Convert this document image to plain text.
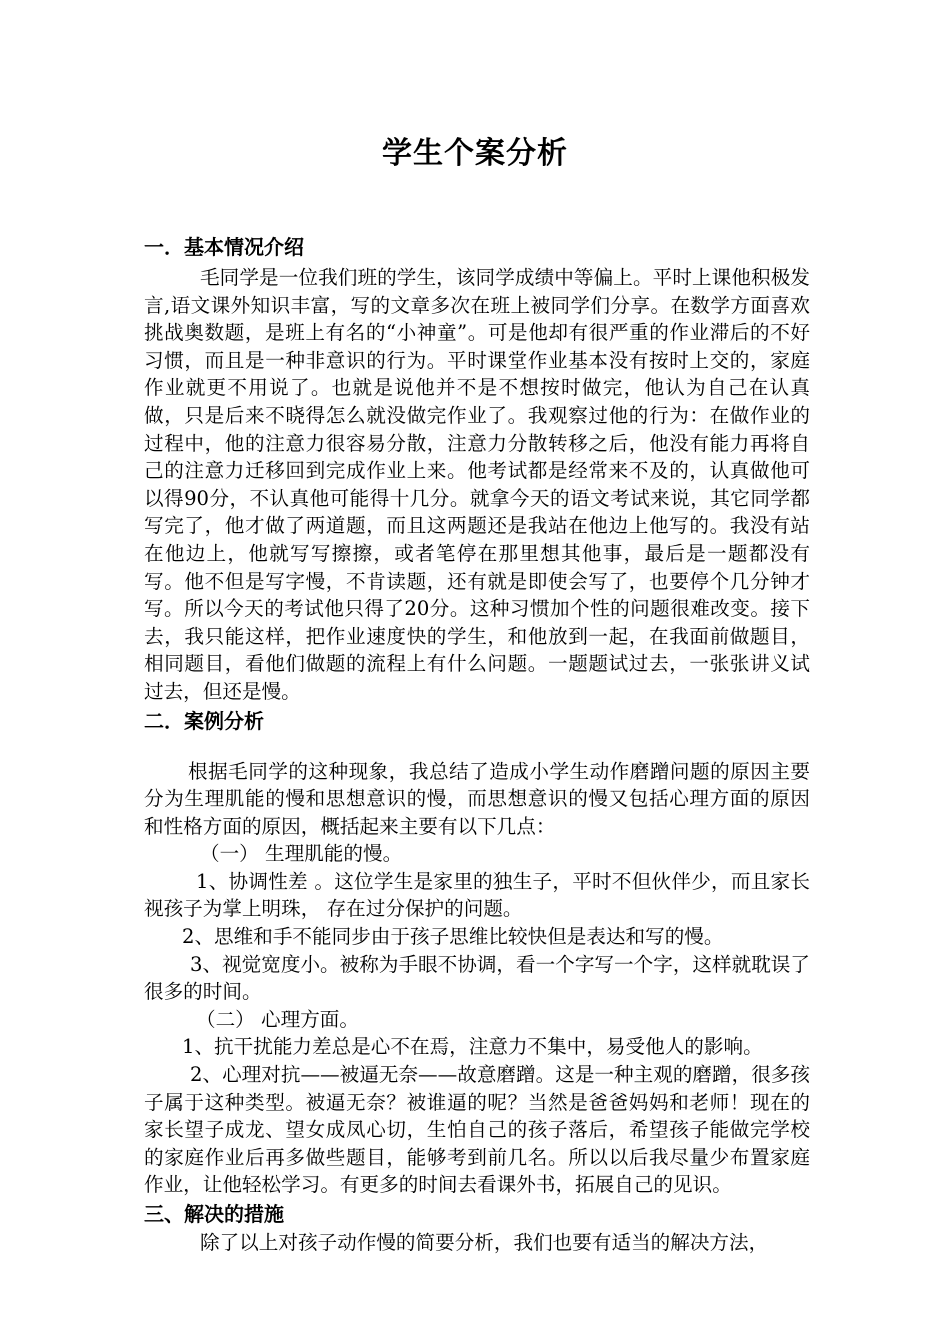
学生个案分析

一．基本情况介绍

毛同学是一位我们班的学生，该同学成绩中等偏上。平时上课他积极发言,语文课外知识丰富，写的文章多次在班上被同学们分享。在数学方面喜欢挑战奥数题，是班上有名的“小神童”。可是他却有很严重的作业滞后的不好习惯，而且是一种非意识的行为。平时课堂作业基本没有按时上交的，家庭作业就更不用说了。也就是说他并不是不想按时做完，他认为自己在认真做，只是后来不晓得怎么就没做完作业了。我观察过他的行为：在做作业的过程中，他的注意力很容易分散，注意力分散转移之后，他没有能力再将自己的注意力迁移回到完成作业上来。他考试都是经常来不及的，认真做他可以得90分，不认真他可能得十几分。就拿今天的语文考试来说，其它同学都写完了，他才做了两道题，而且这两题还是我站在他边上他写的。我没有站在他边上，他就写写擦擦，或者笔停在那里想其他事，最后是一题都没有写。他不但是写字慢，不肯读题，还有就是即使会写了，也要停个几分钟才写。所以今天的考试他只得了20分。这种习惯加个性的问题很难改变。接下去，我只能这样，把作业速度快的学生，和他放到一起，在我面前做题目，相同题目，看他们做题的流程上有什么问题。一题题试过去，一张张讲义试过去，但还是慢。

二．案例分析

根据毛同学的这种现象，我总结了造成小学生动作磨蹭问题的原因主要分为生理肌能的慢和思想意识的慢，而思想意识的慢又包括心理方面的原因和性格方面的原因，概括起来主要有以下几点：

（一） 生理肌能的慢。

1、协调性差 。这位学生是家里的独生子，平时不但伙伴少，而且家长视孩子为掌上明珠， 存在过分保护的问题。

2、思维和手不能同步由于孩子思维比较快但是表达和写的慢。

3、视觉宽度小。被称为手眼不协调，看一个字写一个字，这样就耽误了很多的时间。

（二） 心理方面。

1、抗干扰能力差总是心不在焉，注意力不集中，易受他人的影响。

2、心理对抗——被逼无奈——故意磨蹭。这是一种主观的磨蹭，很多孩子属于这种类型。被逼无奈？被谁逼的呢？当然是爸爸妈妈和老师！现在的家长望子成龙、望女成凤心切，生怕自己的孩子落后，希望孩子能做完学校的家庭作业后再多做些题目，能够考到前几名。所以以后我尽量少布置家庭作业，让他轻松学习。有更多的时间去看课外书，拓展自己的见识。

三、解决的措施

除了以上对孩子动作慢的简要分析，我们也要有适当的解决方法，
